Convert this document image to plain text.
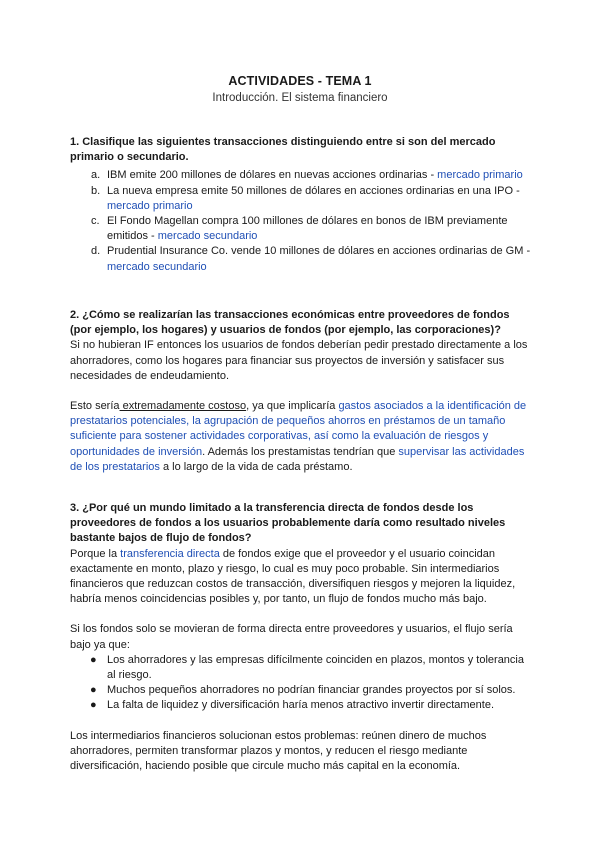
ACTIVIDADES - TEMA 1
Introducción. El sistema financiero

1. Clasifique las siguientes transacciones distinguiendo entre si son del mercado primario o secundario.

a. IBM emite 200 millones de dólares en nuevas acciones ordinarias - mercado primario
b. La nueva empresa emite 50 millones de dólares en acciones ordinarias en una IPO - mercado primario
c. El Fondo Magellan compra 100 millones de dólares en bonos de IBM previamente emitidos - mercado secundario
d. Prudential Insurance Co. vende 10 millones de dólares en acciones ordinarias de GM - mercado secundario

2. ¿Cómo se realizarían las transacciones económicas entre proveedores de fondos (por ejemplo, los hogares) y usuarios de fondos (por ejemplo, las corporaciones)?

Si no hubieran IF entonces los usuarios de fondos deberían pedir prestado directamente a los ahorradores, como los hogares para financiar sus proyectos de inversión y satisfacer sus necesidades de endeudamiento.

Esto sería extremadamente costoso, ya que implicaría gastos asociados a la identificación de prestatarios potenciales, la agrupación de pequeños ahorros en préstamos de un tamaño suficiente para sostener actividades corporativas, así como la evaluación de riesgos y oportunidades de inversión. Además los prestamistas tendrían que supervisar las actividades de los prestatarios a lo largo de la vida de cada préstamo.

3. ¿Por qué un mundo limitado a la transferencia directa de fondos desde los proveedores de fondos a los usuarios probablemente daría como resultado niveles bastante bajos de flujo de fondos?

Porque la transferencia directa de fondos exige que el proveedor y el usuario coincidan exactamente en monto, plazo y riesgo, lo cual es muy poco probable. Sin intermediarios financieros que reduzcan costos de transacción, diversifiquen riesgos y mejoren la liquidez, habría menos coincidencias posibles y, por tanto, un flujo de fondos mucho más bajo.

Si los fondos solo se movieran de forma directa entre proveedores y usuarios, el flujo sería bajo ya que:

● Los ahorradores y las empresas difícilmente coinciden en plazos, montos y tolerancia al riesgo.
● Muchos pequeños ahorradores no podrían financiar grandes proyectos por sí solos.
● La falta de liquidez y diversificación haría menos atractivo invertir directamente.

Los intermediarios financieros solucionan estos problemas: reúnen dinero de muchos ahorradores, permiten transformar plazos y montos, y reducen el riesgo mediante diversificación, haciendo posible que circule mucho más capital en la economía.
